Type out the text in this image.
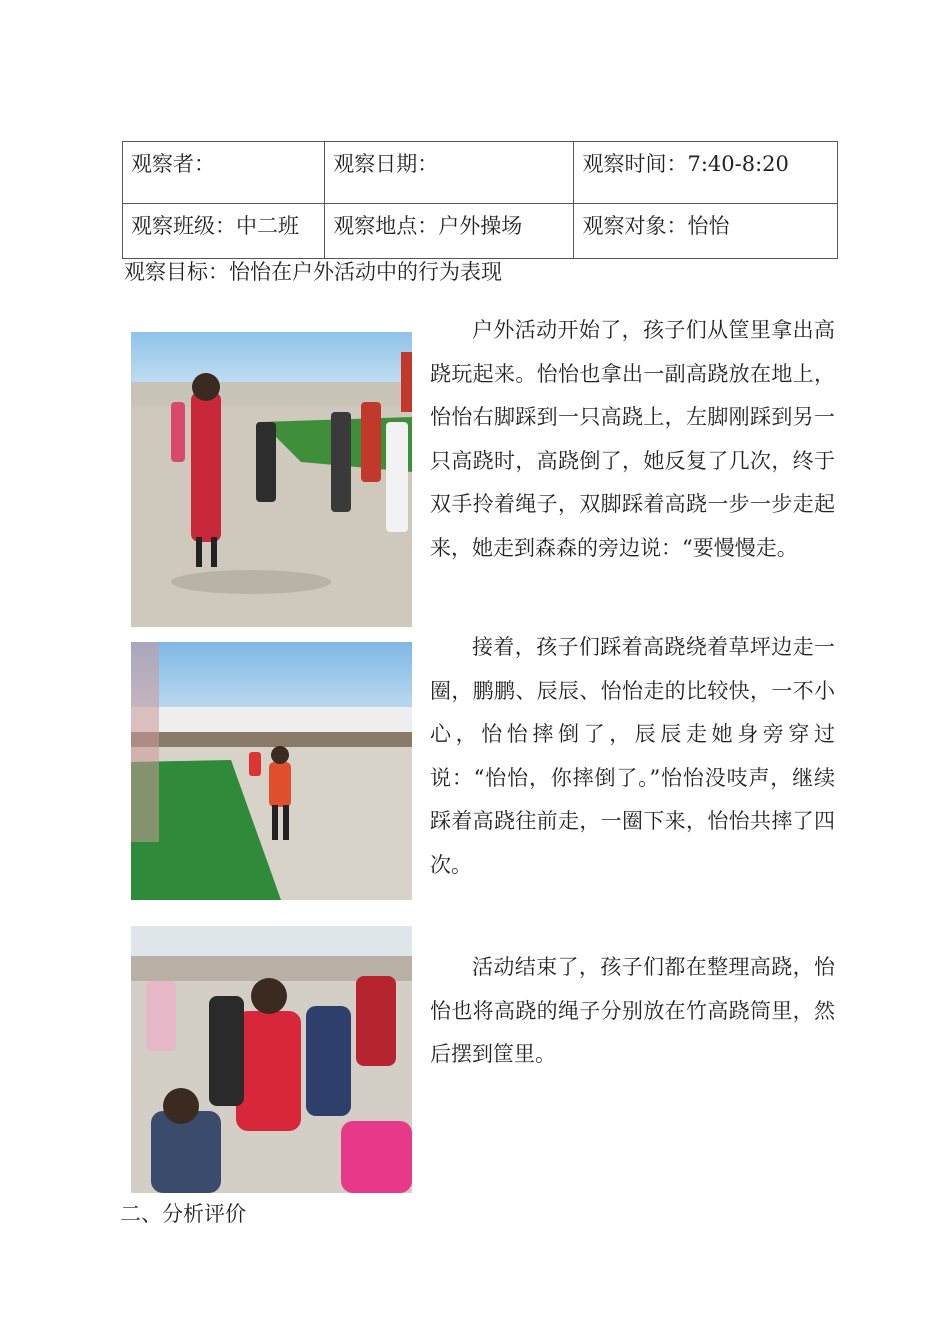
观察者：	观察日期：	观察时间：7:40-8:20
观察班级：中二班	观察地点：户外操场	观察对象：怡怡
观察目标：怡怡在户外活动中的行为表现

户外活动开始了，孩子们从筐里拿出高跷玩起来。怡怡也拿出一副高跷放在地上，怡怡右脚踩到一只高跷上，左脚刚踩到另一只高跷时，高跷倒了，她反复了几次，终于双手拎着绳子，双脚踩着高跷一步一步走起来，她走到森森的旁边说：“要慢慢走。

接着，孩子们踩着高跷绕着草坪边走一圈，鹏鹏、辰辰、怡怡走的比较快，一不小心，怡怡摔倒了，辰辰走她身旁穿过说：“怡怡，你摔倒了。”怡怡没吱声，继续踩着高跷往前走，一圈下来，怡怡共摔了四次。

活动结束了，孩子们都在整理高跷，怡怡也将高跷的绳子分别放在竹高跷筒里，然后摆到筐里。

二、分析评价
